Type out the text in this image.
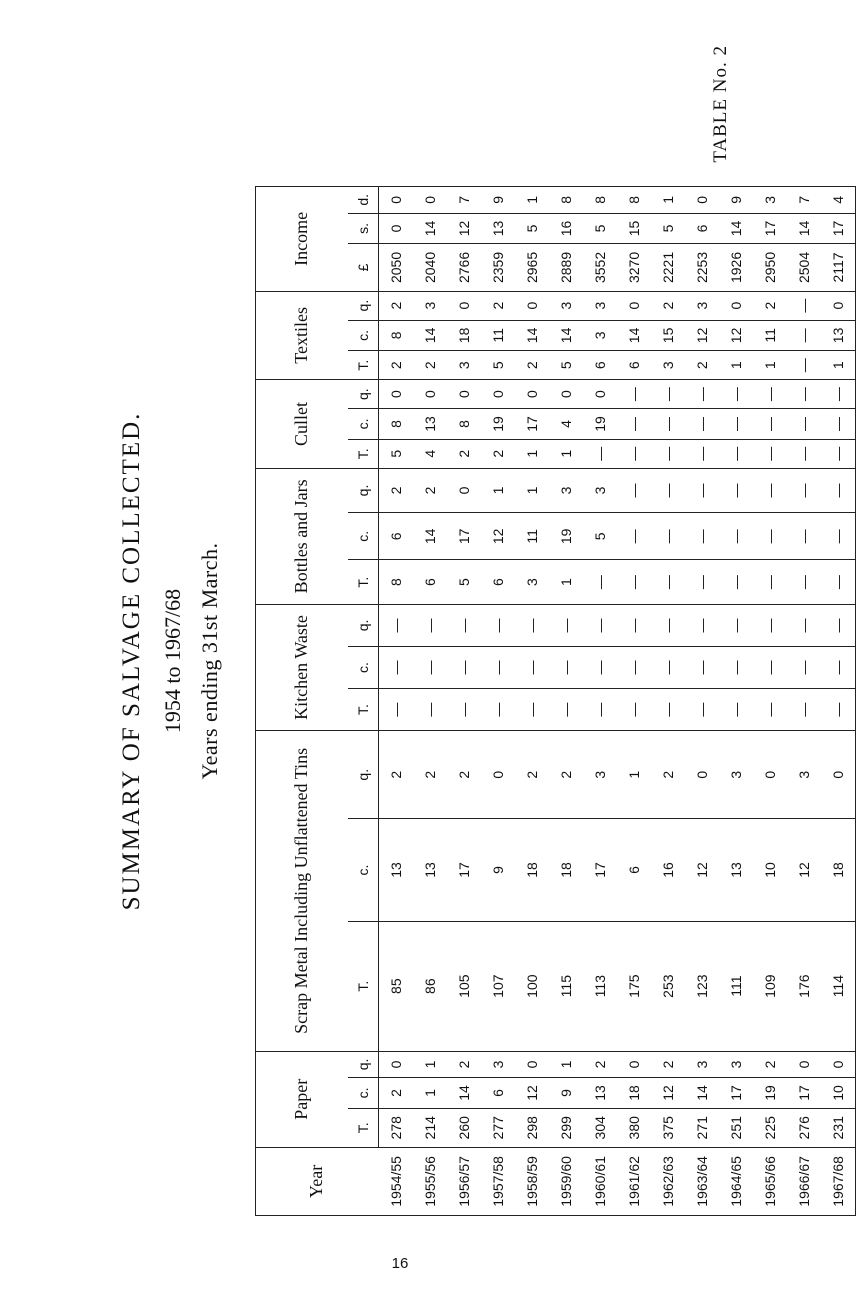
SUMMARY OF SALVAGE COLLECTED. 1954 to 1967/68 Years ending 31st March.
Year	Paper			Scrap Metal Including Unflattened Tins			Kitchen Waste			Bottles and Jars			Cullet			Textiles			Income		
	T.	c.	q.	T.	c.	q.	T.	c.	q.	T.	c.	q.	T.	c.	q.	T.	c.	q.	£	s.	d.
1954/55	278	2	0	85	13	2	—	—	—	8	6	2	5	8	0	2	8	2	2050	0	0
1955/56	214	1	1	86	13	2	—	—	—	6	14	2	4	13	0	2	14	3	2040	14	0
1956/57	260	14	2	105	17	2	—	—	—	5	17	0	2	8	0	3	18	0	2766	12	7
1957/58	277	6	3	107	9	0	—	—	—	6	12	1	2	19	0	5	11	2	2359	13	9
1958/59	298	12	0	100	18	2	—	—	—	3	11	1	1	17	0	2	14	0	2965	5	1
1959/60	299	9	1	115	18	2	—	—	—	1	19	3	1	4	0	5	14	3	2889	16	8
1960/61	304	13	2	113	17	3	—	—	—	—	5	3	—	19	0	6	3	3	3552	5	8
1961/62	380	18	0	175	6	1	—	—	—	—	—	—	—	—	—	6	14	0	3270	15	8
1962/63	375	12	2	253	16	2	—	—	—	—	—	—	—	—	—	3	15	2	2221	5	1
1963/64	271	14	3	123	12	0	—	—	—	—	—	—	—	—	—	2	12	3	2253	6	0
1964/65	251	17	3	111	13	3	—	—	—	—	—	—	—	—	—	1	12	0	1926	14	9
1965/66	225	19	2	109	10	0	—	—	—	—	—	—	—	—	—	1	11	2	2950	17	3
1966/67	276	17	0	176	12	3	—	—	—	—	—	—	—	—	—	—	—	—	2504	14	7
1967/68	231	10	0	114	18	0	—	—	—	—	—	—	—	—	—	1	13	0	2117	17	4
TABLE No. 2
16
